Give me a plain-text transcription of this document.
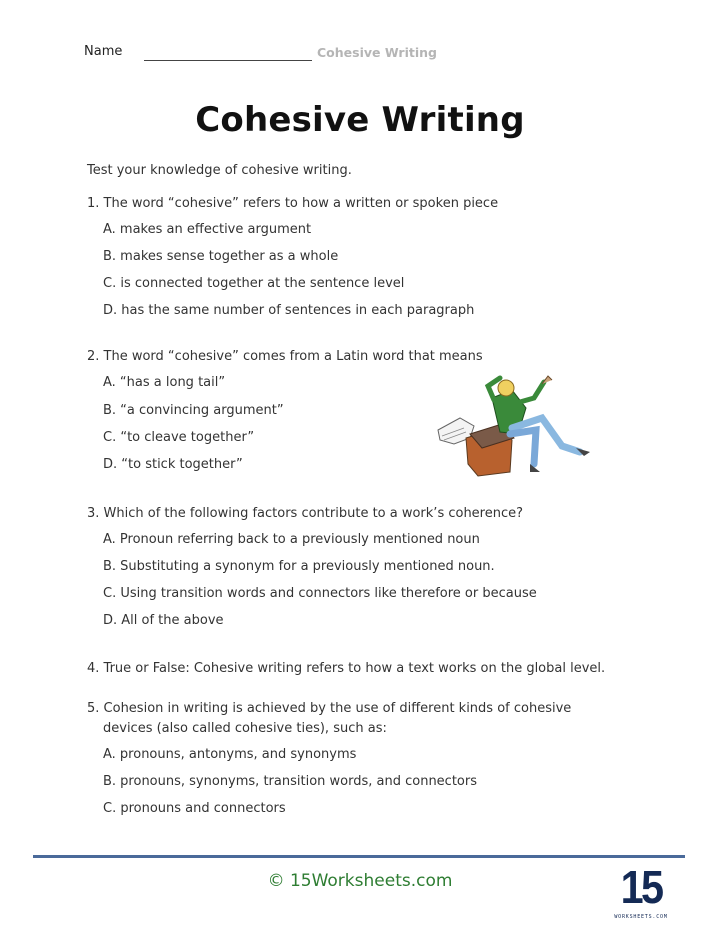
Name	Cohesive Writing
Cohesive Writing
Test your knowledge of cohesive writing.
1. The word “cohesive” refers to how a written or spoken piece
A. makes an effective argument
B. makes sense together as a whole
C. is connected together at the sentence level
D. has the same number of sentences in each paragraph
2. The word “cohesive” comes from a Latin word that means
A. “has a long tail”
B. “a convincing argument”
C. “to cleave together”
D. “to stick together”
3. Which of the following factors contribute to a work’s coherence?
A. Pronoun referring back to a previously mentioned noun
B. Substituting a synonym for a previously mentioned noun.
C. Using transition words and connectors like therefore or because
D. All of the above
4. True or False: Cohesive writing refers to how a text works on the global level.
5. Cohesion in writing is achieved by the use of different kinds of cohesive
devices (also called cohesive ties), such as:
A. pronouns, antonyms, and synonyms
B. pronouns, synonyms, transition words, and connectors
C. pronouns and connectors
© 15Worksheets.com	15
WORKSHEETS.COM
